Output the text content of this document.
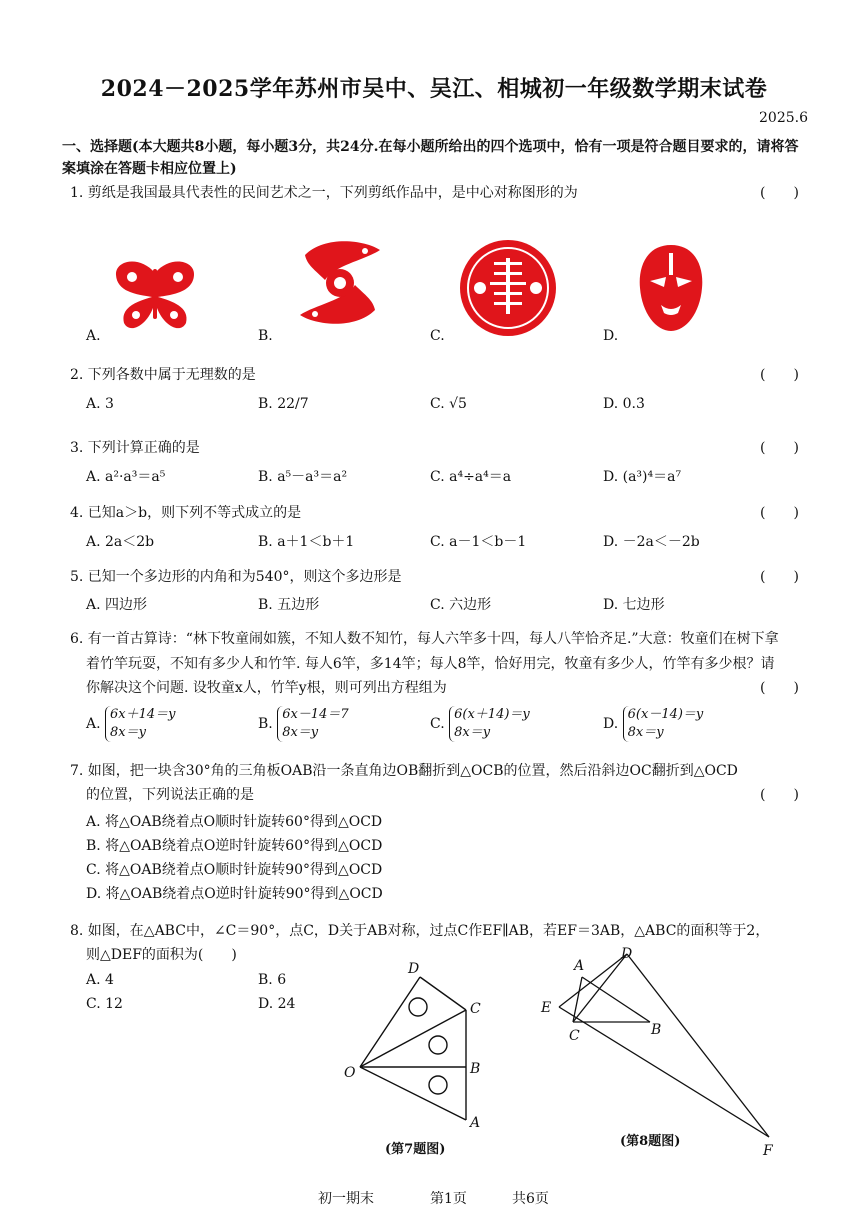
2024－2025学年苏州市吴中、吴江、相城初一年级数学期末试卷
2025.6
一、选择题(本大题共8小题，每小题3分，共24分.在每小题所给出的四个选项中，恰有一项是符合题目要求的，请将答案填涂在答题卡相应位置上)
1. 剪纸是我国最具代表性的民间艺术之一，下列剪纸作品中，是中心对称图形的为	(　　)
A.	B.	C.	D.
2. 下列各数中属于无理数的是	(　　)
A. 3	B. 22/7	C. √5	D. 0.3̇
3. 下列计算正确的是	(　　)
A. a²·a³＝a⁵	B. a⁵－a³＝a²	C. a⁴÷a⁴＝a	D. (a³)⁴＝a⁷
4. 已知a＞b，则下列不等式成立的是	(　　)
A. 2a＜2b	B. a＋1＜b＋1	C. a－1＜b－1	D. －2a＜－2b
5. 已知一个多边形的内角和为540°，则这个多边形是	(　　)
A. 四边形	B. 五边形	C. 六边形	D. 七边形
6. 有一首古算诗：“林下牧童闹如簇，不知人数不知竹，每人六竿多十四，每人八竿恰齐足.”大意：牧童们在树下拿
着竹竿玩耍，不知有多少人和竹竿. 每人6竿，多14竿；每人8竿，恰好用完，牧童有多少人，竹竿有多少根？请
你解决这个问题. 设牧童x人，竹竿y根，则可列出方程组为	(　　)
A. 6x＋14＝y
8x＝y
B. 6x－14＝7
8x＝y
C. 6(x＋14)＝y
8x＝y
D. 6(x－14)＝y
8x＝y
7. 如图，把一块含30°角的三角板OAB沿一条直角边OB翻折到△OCB的位置，然后沿斜边OC翻折到△OCD
的位置，下列说法正确的是	(　　)
A. 将△OAB绕着点O顺时针旋转60°得到△OCD
B. 将△OAB绕着点O逆时针旋转60°得到△OCD
C. 将△OAB绕着点O顺时针旋转90°得到△OCD
D. 将△OAB绕着点O逆时针旋转90°得到△OCD
8. 如图，在△ABC中，∠C＝90°，点C，D关于AB对称，过点C作EF∥AB，若EF＝3AB，△ABC的面积等于2，
则△DEF的面积为(　　)
A. 4	B. 6
C. 12	D. 24
D
C
O	B
A
(第7题图)
A
D
E
C	B
F
(第8题图)
初一期末	第1页	共6页
